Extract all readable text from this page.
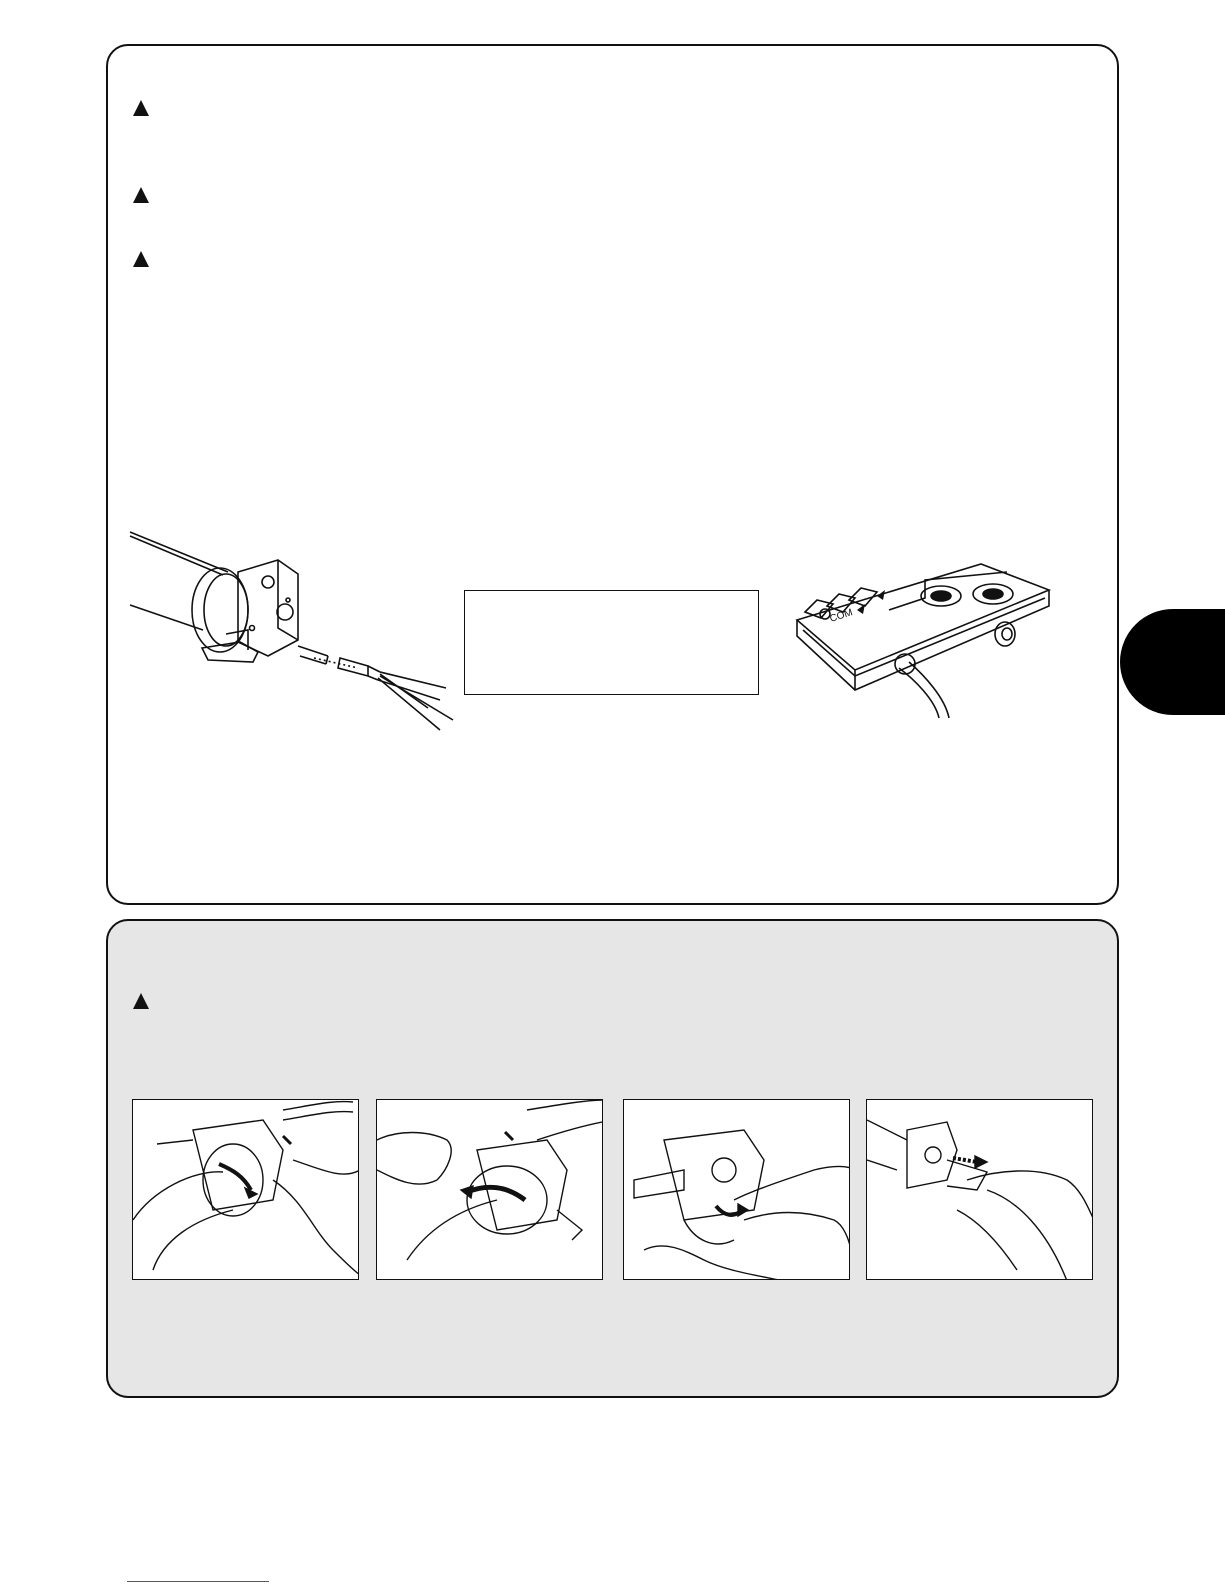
COM
